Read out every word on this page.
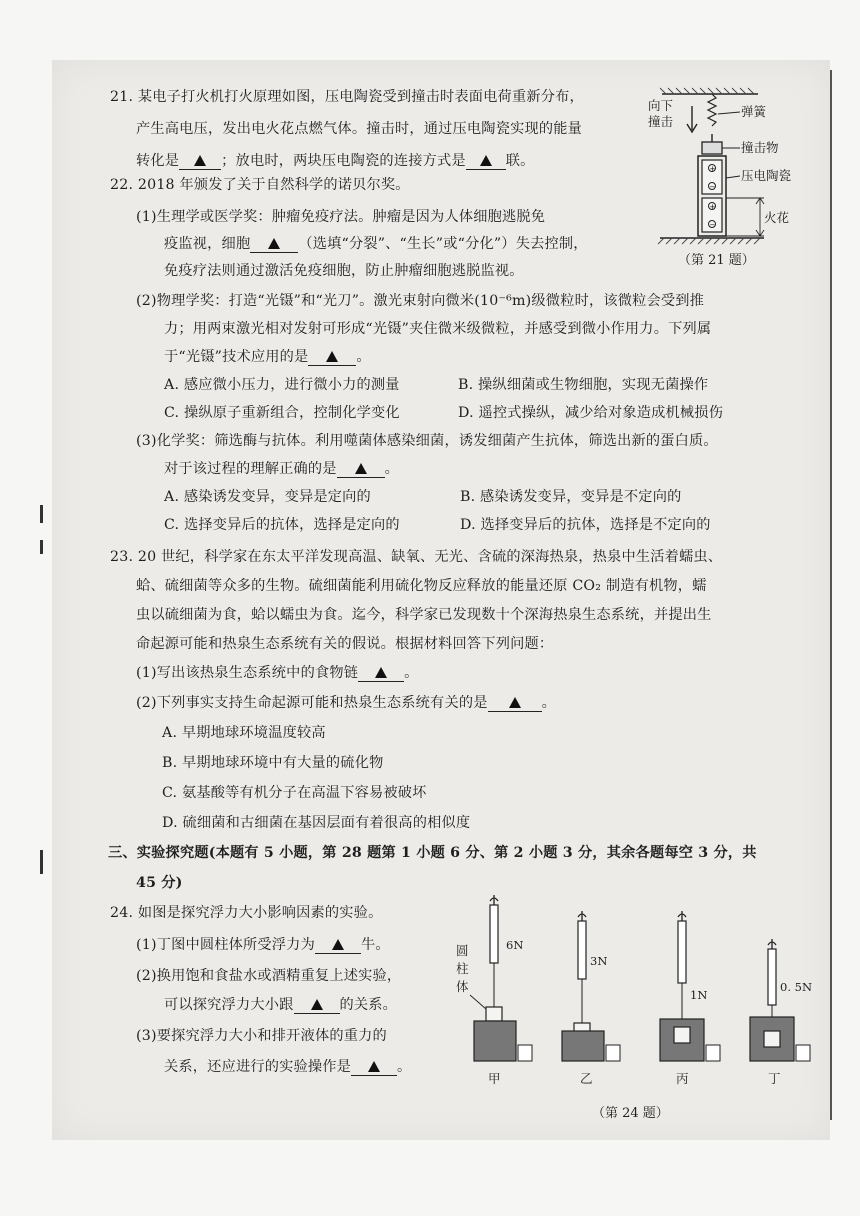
21. 某电子打火机打火原理如图，压电陶瓷受到撞击时表面电荷重新分布，
产生高电压，发出电火花点燃气体。撞击时，通过压电陶瓷实现的能量
转化是	；放电时，两块压电陶瓷的连接方式是	联。
向下
撞击
弹簧
撞击物
+
−
+
−
压电陶瓷
火花
（第 21 题）
22. 2018 年颁发了关于自然科学的诺贝尔奖。
(1)生理学或医学奖：肿瘤免疫疗法。肿瘤是因为人体细胞逃脱免
疫监视，细胞	（选填“分裂”、“生长”或“分化”）失去控制，
免疫疗法则通过激活免疫细胞，防止肿瘤细胞逃脱监视。
(2)物理学奖：打造“光镊”和“光刀”。激光束射向微米(10⁻⁶m)级微粒时，该微粒会受到推
力；用两束激光相对发射可形成“光镊”夹住微米级微粒，并感受到微小作用力。下列属
于“光镊”技术应用的是	。
A. 感应微小压力，进行微小力的测量	B. 操纵细菌或生物细胞，实现无菌操作
C. 操纵原子重新组合，控制化学变化	D. 遥控式操纵，减少给对象造成机械损伤
(3)化学奖：筛选酶与抗体。利用噬菌体感染细菌，诱发细菌产生抗体，筛选出新的蛋白质。
对于该过程的理解正确的是	。
A. 感染诱发变异，变异是定向的	B. 感染诱发变异，变异是不定向的
C. 选择变异后的抗体，选择是定向的	D. 选择变异后的抗体，选择是不定向的
23. 20 世纪，科学家在东太平洋发现高温、缺氧、无光、含硫的深海热泉，热泉中生活着蠕虫、
蛤、硫细菌等众多的生物。硫细菌能利用硫化物反应释放的能量还原 CO₂ 制造有机物，蠕
虫以硫细菌为食，蛤以蠕虫为食。迄今，科学家已发现数十个深海热泉生态系统，并提出生
命起源可能和热泉生态系统有关的假说。根据材料回答下列问题：
(1)写出该热泉生态系统中的食物链	。
(2)下列事实支持生命起源可能和热泉生态系统有关的是	。
A. 早期地球环境温度较高
B. 早期地球环境中有大量的硫化物
C. 氨基酸等有机分子在高温下容易被破坏
D. 硫细菌和古细菌在基因层面有着很高的相似度
三、实验探究题(本题有 5 小题，第 28 题第 1 小题 6 分、第 2 小题 3 分，其余各题每空 3 分，共
45 分)
24. 如图是探究浮力大小影响因素的实验。
(1)丁图中圆柱体所受浮力为	牛。
(2)换用饱和食盐水或酒精重复上述实验，
可以探究浮力大小跟	的关系。
(3)要探究浮力大小和排开液体的重力的
关系，还应进行的实验操作是	。
圆
柱
体
6N
甲
3N
乙
1N
丙
0. 5N
丁
（第 24 题）
